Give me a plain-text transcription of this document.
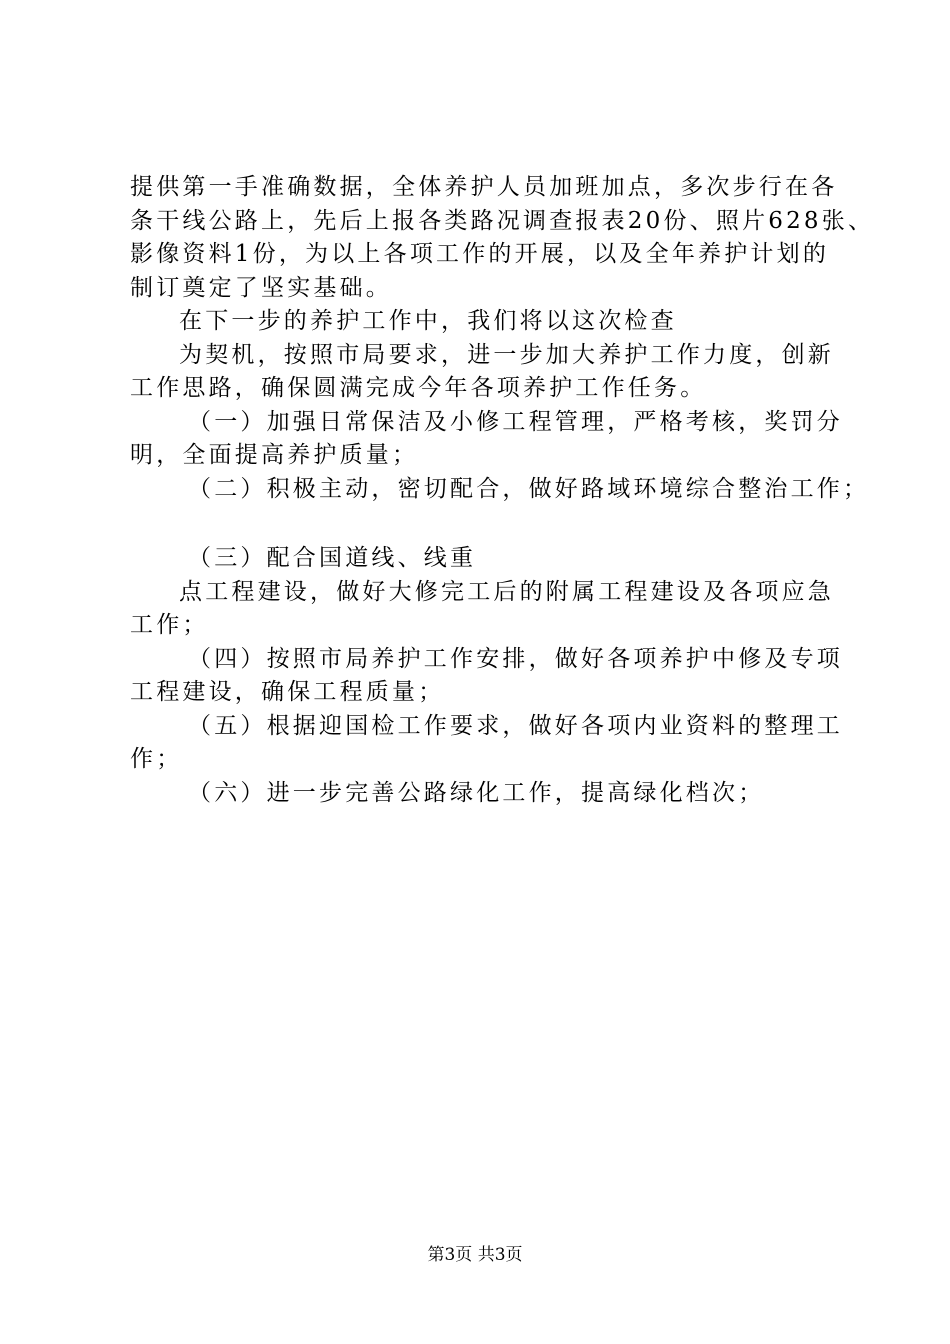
提供第一手准确数据，全体养护人员加班加点，多次步行在各
条干线公路上，先后上报各类路况调查报表20份、照片628张、
影像资料1份，为以上各项工作的开展，以及全年养护计划的
制订奠定了坚实基础。
在下一步的养护工作中，我们将以这次检查
为契机，按照市局要求，进一步加大养护工作力度，创新
工作思路，确保圆满完成今年各项养护工作任务。
（一）加强日常保洁及小修工程管理，严格考核，奖罚分
明，全面提高养护质量；
（二）积极主动，密切配合，做好路域环境综合整治工作；
（三）配合国道线、线重
点工程建设，做好大修完工后的附属工程建设及各项应急
工作；
（四）按照市局养护工作安排，做好各项养护中修及专项
工程建设，确保工程质量；
（五）根据迎国检工作要求，做好各项内业资料的整理工
作；
（六）进一步完善公路绿化工作，提高绿化档次；
第3页 共3页
